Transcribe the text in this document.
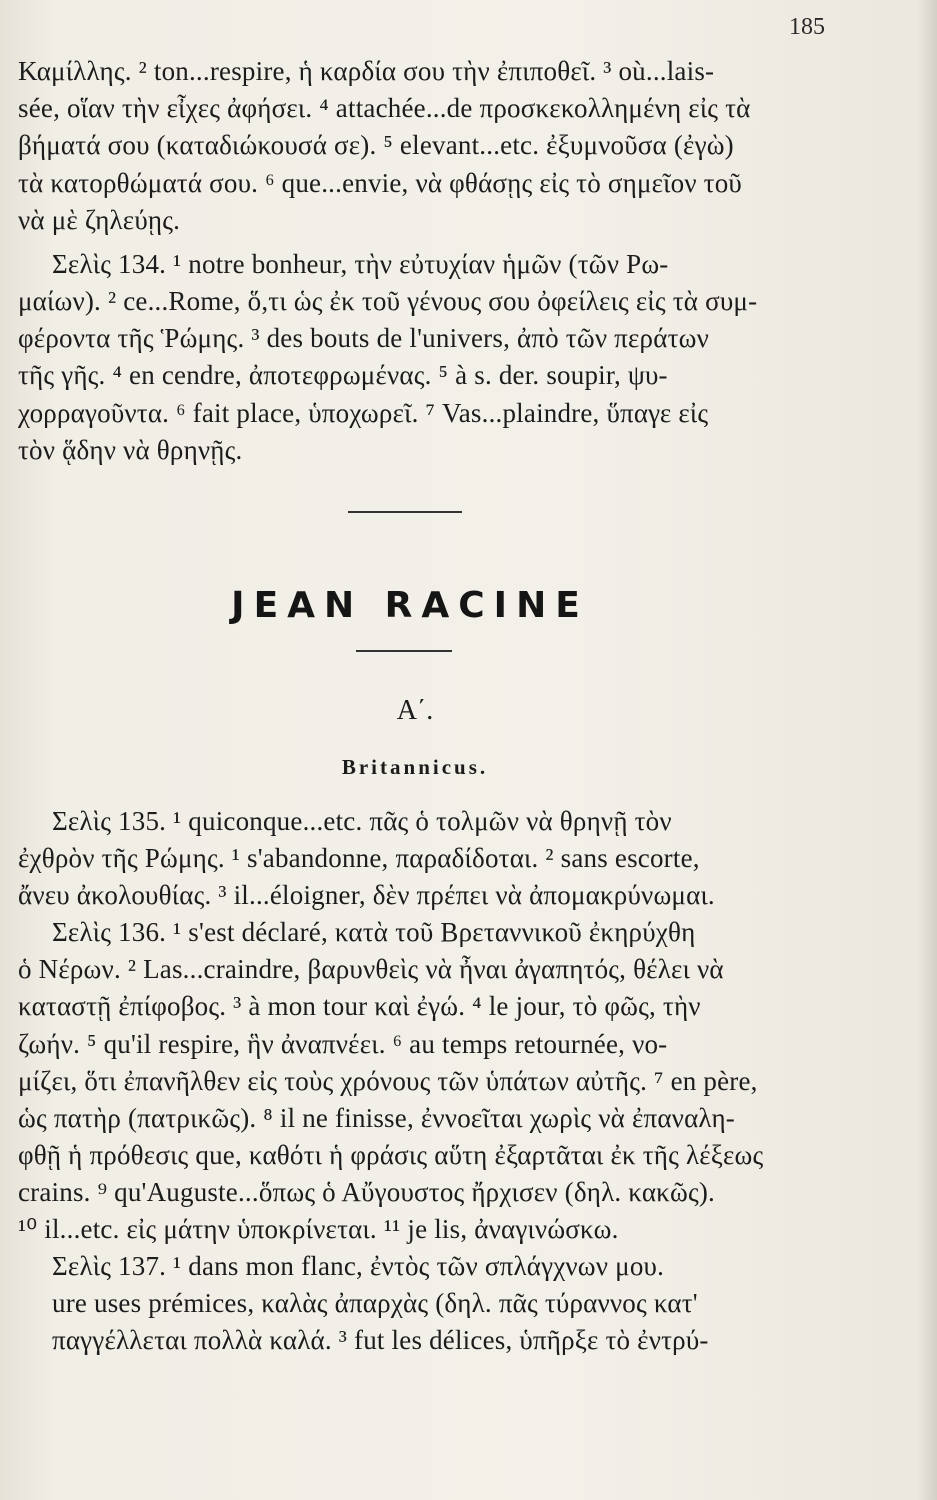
185
Καμίλλης. ² ton...respire, ἡ καρδία σου τὴν ἐπιποθεῖ. ³ où...lais-
sée, οἵαν τὴν εἶχες ἀφήσει. ⁴ attachée...de προσκεκολλημένη εἰς τὰ
βήματά σου (καταδιώκουσά σε). ⁵ elevant...etc. ἐξυμνοῦσα (ἐγὼ)
τὰ κατορθώματά σου. ⁶ que...envie, νὰ φθάσῃς εἰς τὸ σημεῖον τοῦ
νὰ μὲ ζηλεύῃς.
Σελὶς 134. ¹ notre bonheur, τὴν εὐτυχίαν ἡμῶν (τῶν Ρω-
μαίων). ² ce...Rome, ὅ,τι ὡς ἐκ τοῦ γένους σου ὀφείλεις εἰς τὰ συμ-
φέροντα τῆς Ῥώμης. ³ des bouts de l'univers, ἀπὸ τῶν περάτων
τῆς γῆς. ⁴ en cendre, ἀποτεφρωμένας. ⁵ à s. der. soupir, ψυ-
χορραγοῦντα. ⁶ fait place, ὑποχωρεῖ. ⁷ Vas...plaindre, ὕπαγε εἰς
τὸν ᾅδην νὰ θρηνῇς.
JEAN RACINE
A΄.
Britannicus.
Σελὶς 135. ¹ quiconque...etc. πᾶς ὁ τολμῶν νὰ θρηνῇ τὸν
ἐχθρὸν τῆς Ρώμης. ¹ s'abandonne, παραδίδοται. ² sans escorte,
ἄνευ ἀκολουθίας. ³ il...éloigner, δὲν πρέπει νὰ ἀπομακρύνωμαι.
Σελὶς 136. ¹ s'est déclaré, κατὰ τοῦ Βρεταννικοῦ ἐκηρύχθη
ὁ Νέρων. ² Las...craindre, βαρυνθεὶς νὰ ἦναι ἀγαπητός, θέλει νὰ
καταστῇ ἐπίφοβος. ³ à mon tour καὶ ἐγώ. ⁴ le jour, τὸ φῶς, τὴν
ζωήν. ⁵ qu'il respire, ἣν ἀναπνέει. ⁶ au temps retournée, νο-
μίζει, ὅτι ἐπανῆλθεν εἰς τοὺς χρόνους τῶν ὑπάτων αὐτῆς. ⁷ en père,
ὡς πατὴρ (πατρικῶς). ⁸ il ne finisse, ἐννοεῖται χωρὶς νὰ ἐπαναλη-
φθῇ ἡ πρόθεσις que, καθότι ἡ φράσις αὕτη ἐξαρτᾶται ἐκ τῆς λέξεως
crains. ⁹ qu'Auguste...ὅπως ὁ Αὔγουστος ἤρχισεν (δηλ. κακῶς).
¹⁰ il...etc. εἰς μάτην ὑποκρίνεται. ¹¹ je lis, ἀναγινώσκω.
Σελὶς 137. ¹ dans mon flanc, ἐντὸς τῶν σπλάγχνων μου.
ure uses prémices, καλὰς ἀπαρχὰς (δηλ. πᾶς τύραννος κατ'
παγγέλλεται πολλὰ καλά. ³ fut les délices, ὑπῆρξε τὸ ἐντρύ-
